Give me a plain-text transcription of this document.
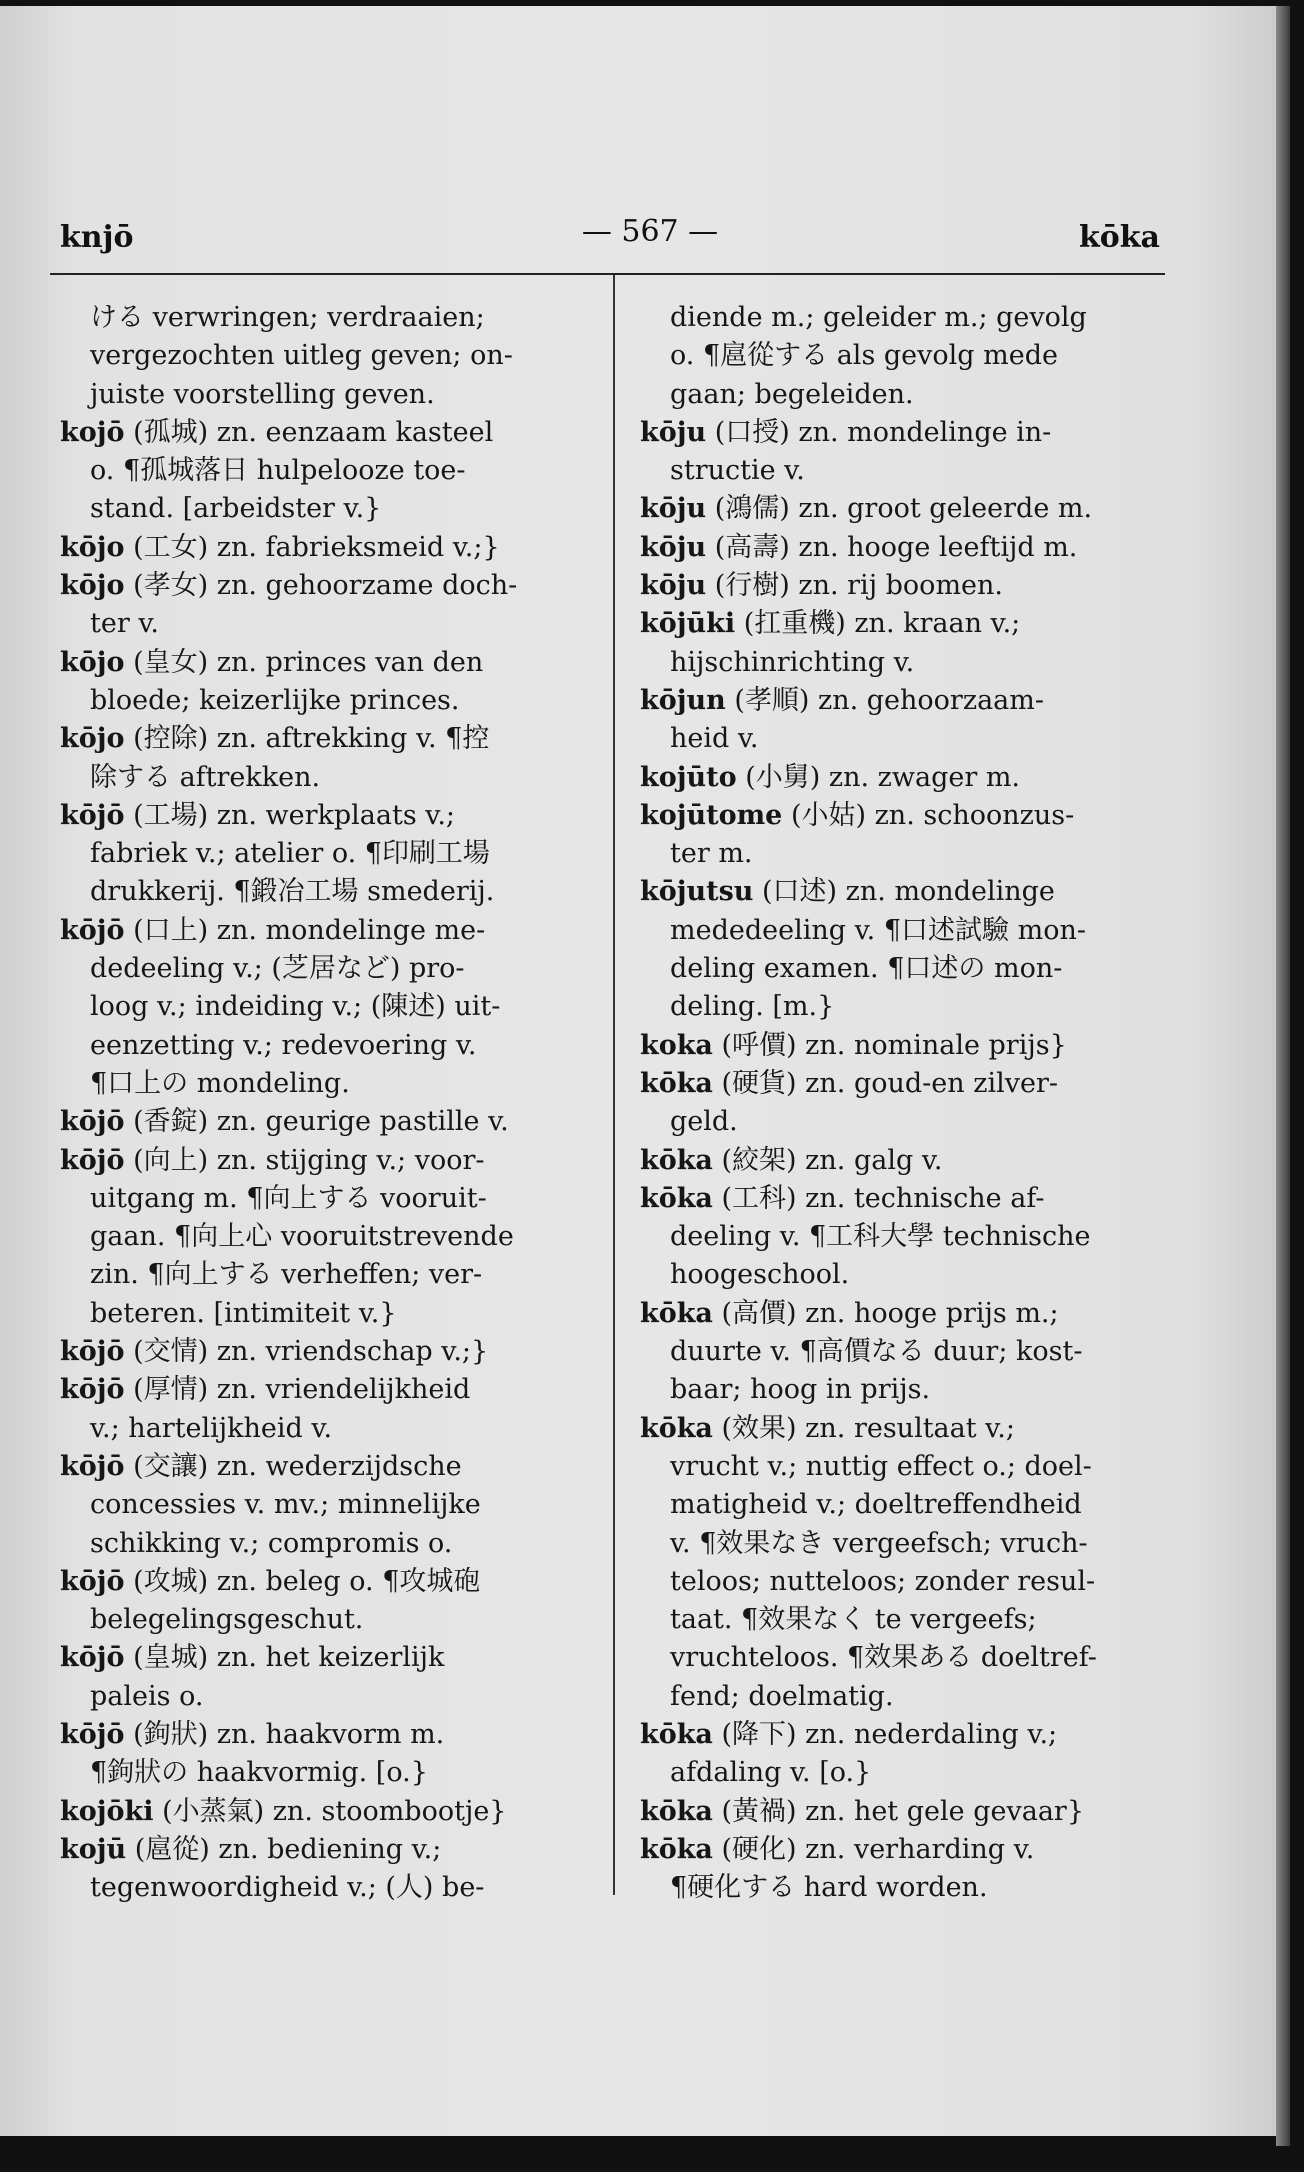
knjō	— 567 —	kōka
ける verwringen; verdraaien;
vergezochten uitleg geven; on-
juiste voorstelling geven.
kojō (孤城) zn. eenzaam kasteel
o. ¶孤城落日 hulpelooze toe-
stand. [arbeidster v.}
kōjo (工女) zn. fabrieksmeid v.;}
kōjo (孝女) zn. gehoorzame doch-
ter v.
kōjo (皇女) zn. princes van den
bloede; keizerlijke princes.
kōjo (控除) zn. aftrekking v. ¶控
除する aftrekken.
kōjō (工場) zn. werkplaats v.;
fabriek v.; atelier o. ¶印刷工場
drukkerij. ¶鍛冶工場 smederij.
kōjō (口上) zn. mondelinge me-
dedeeling v.; (芝居など) pro-
loog v.; indeiding v.; (陳述) uit-
eenzetting v.; redevoering v.
¶口上の mondeling.
kōjō (香錠) zn. geurige pastille v.
kōjō (向上) zn. stijging v.; voor-
uitgang m. ¶向上する vooruit-
gaan. ¶向上心 vooruitstrevende
zin. ¶向上する verheffen; ver-
beteren. [intimiteit v.}
kōjō (交情) zn. vriendschap v.;}
kōjō (厚情) zn. vriendelijkheid
v.; hartelijkheid v.
kōjō (交讓) zn. wederzijdsche
concessies v. mv.; minnelijke
schikking v.; compromis o.
kōjō (攻城) zn. beleg o. ¶攻城砲
belegelingsgeschut.
kōjō (皇城) zn. het keizerlijk
paleis o.
kōjō (鉤狀) zn. haakvorm m.
¶鉤狀の haakvormig. [o.}
kojōki (小蒸氣) zn. stoombootje}
kojū (扈從) zn. bediening v.;
tegenwoordigheid v.; (人) be-
diende m.; geleider m.; gevolg
o. ¶扈從する als gevolg mede
gaan; begeleiden.
kōju (口授) zn. mondelinge in-
structie v.
kōju (鴻儒) zn. groot geleerde m.
kōju (高壽) zn. hooge leeftijd m.
kōju (行樹) zn. rij boomen.
kōjūki (扛重機) zn. kraan v.;
hijschinrichting v.
kōjun (孝順) zn. gehoorzaam-
heid v.
kojūto (小舅) zn. zwager m.
kojūtome (小姑) zn. schoonzus-
ter m.
kōjutsu (口述) zn. mondelinge
mededeeling v. ¶口述試驗 mon-
deling examen. ¶口述の mon-
deling. [m.}
koka (呼價) zn. nominale prijs}
kōka (硬貨) zn. goud-en zilver-
geld.
kōka (絞架) zn. galg v.
kōka (工科) zn. technische af-
deeling v. ¶工科大學 technische
hoogeschool.
kōka (高價) zn. hooge prijs m.;
duurte v. ¶高價なる duur; kost-
baar; hoog in prijs.
kōka (效果) zn. resultaat v.;
vrucht v.; nuttig effect o.; doel-
matigheid v.; doeltreffendheid
v. ¶效果なき vergeefsch; vruch-
teloos; nutteloos; zonder resul-
taat. ¶效果なく te vergeefs;
vruchteloos. ¶效果ある doeltref-
fend; doelmatig.
kōka (降下) zn. nederdaling v.;
afdaling v. [o.}
kōka (黃禍) zn. het gele gevaar}
kōka (硬化) zn. verharding v.
¶硬化する hard worden.
